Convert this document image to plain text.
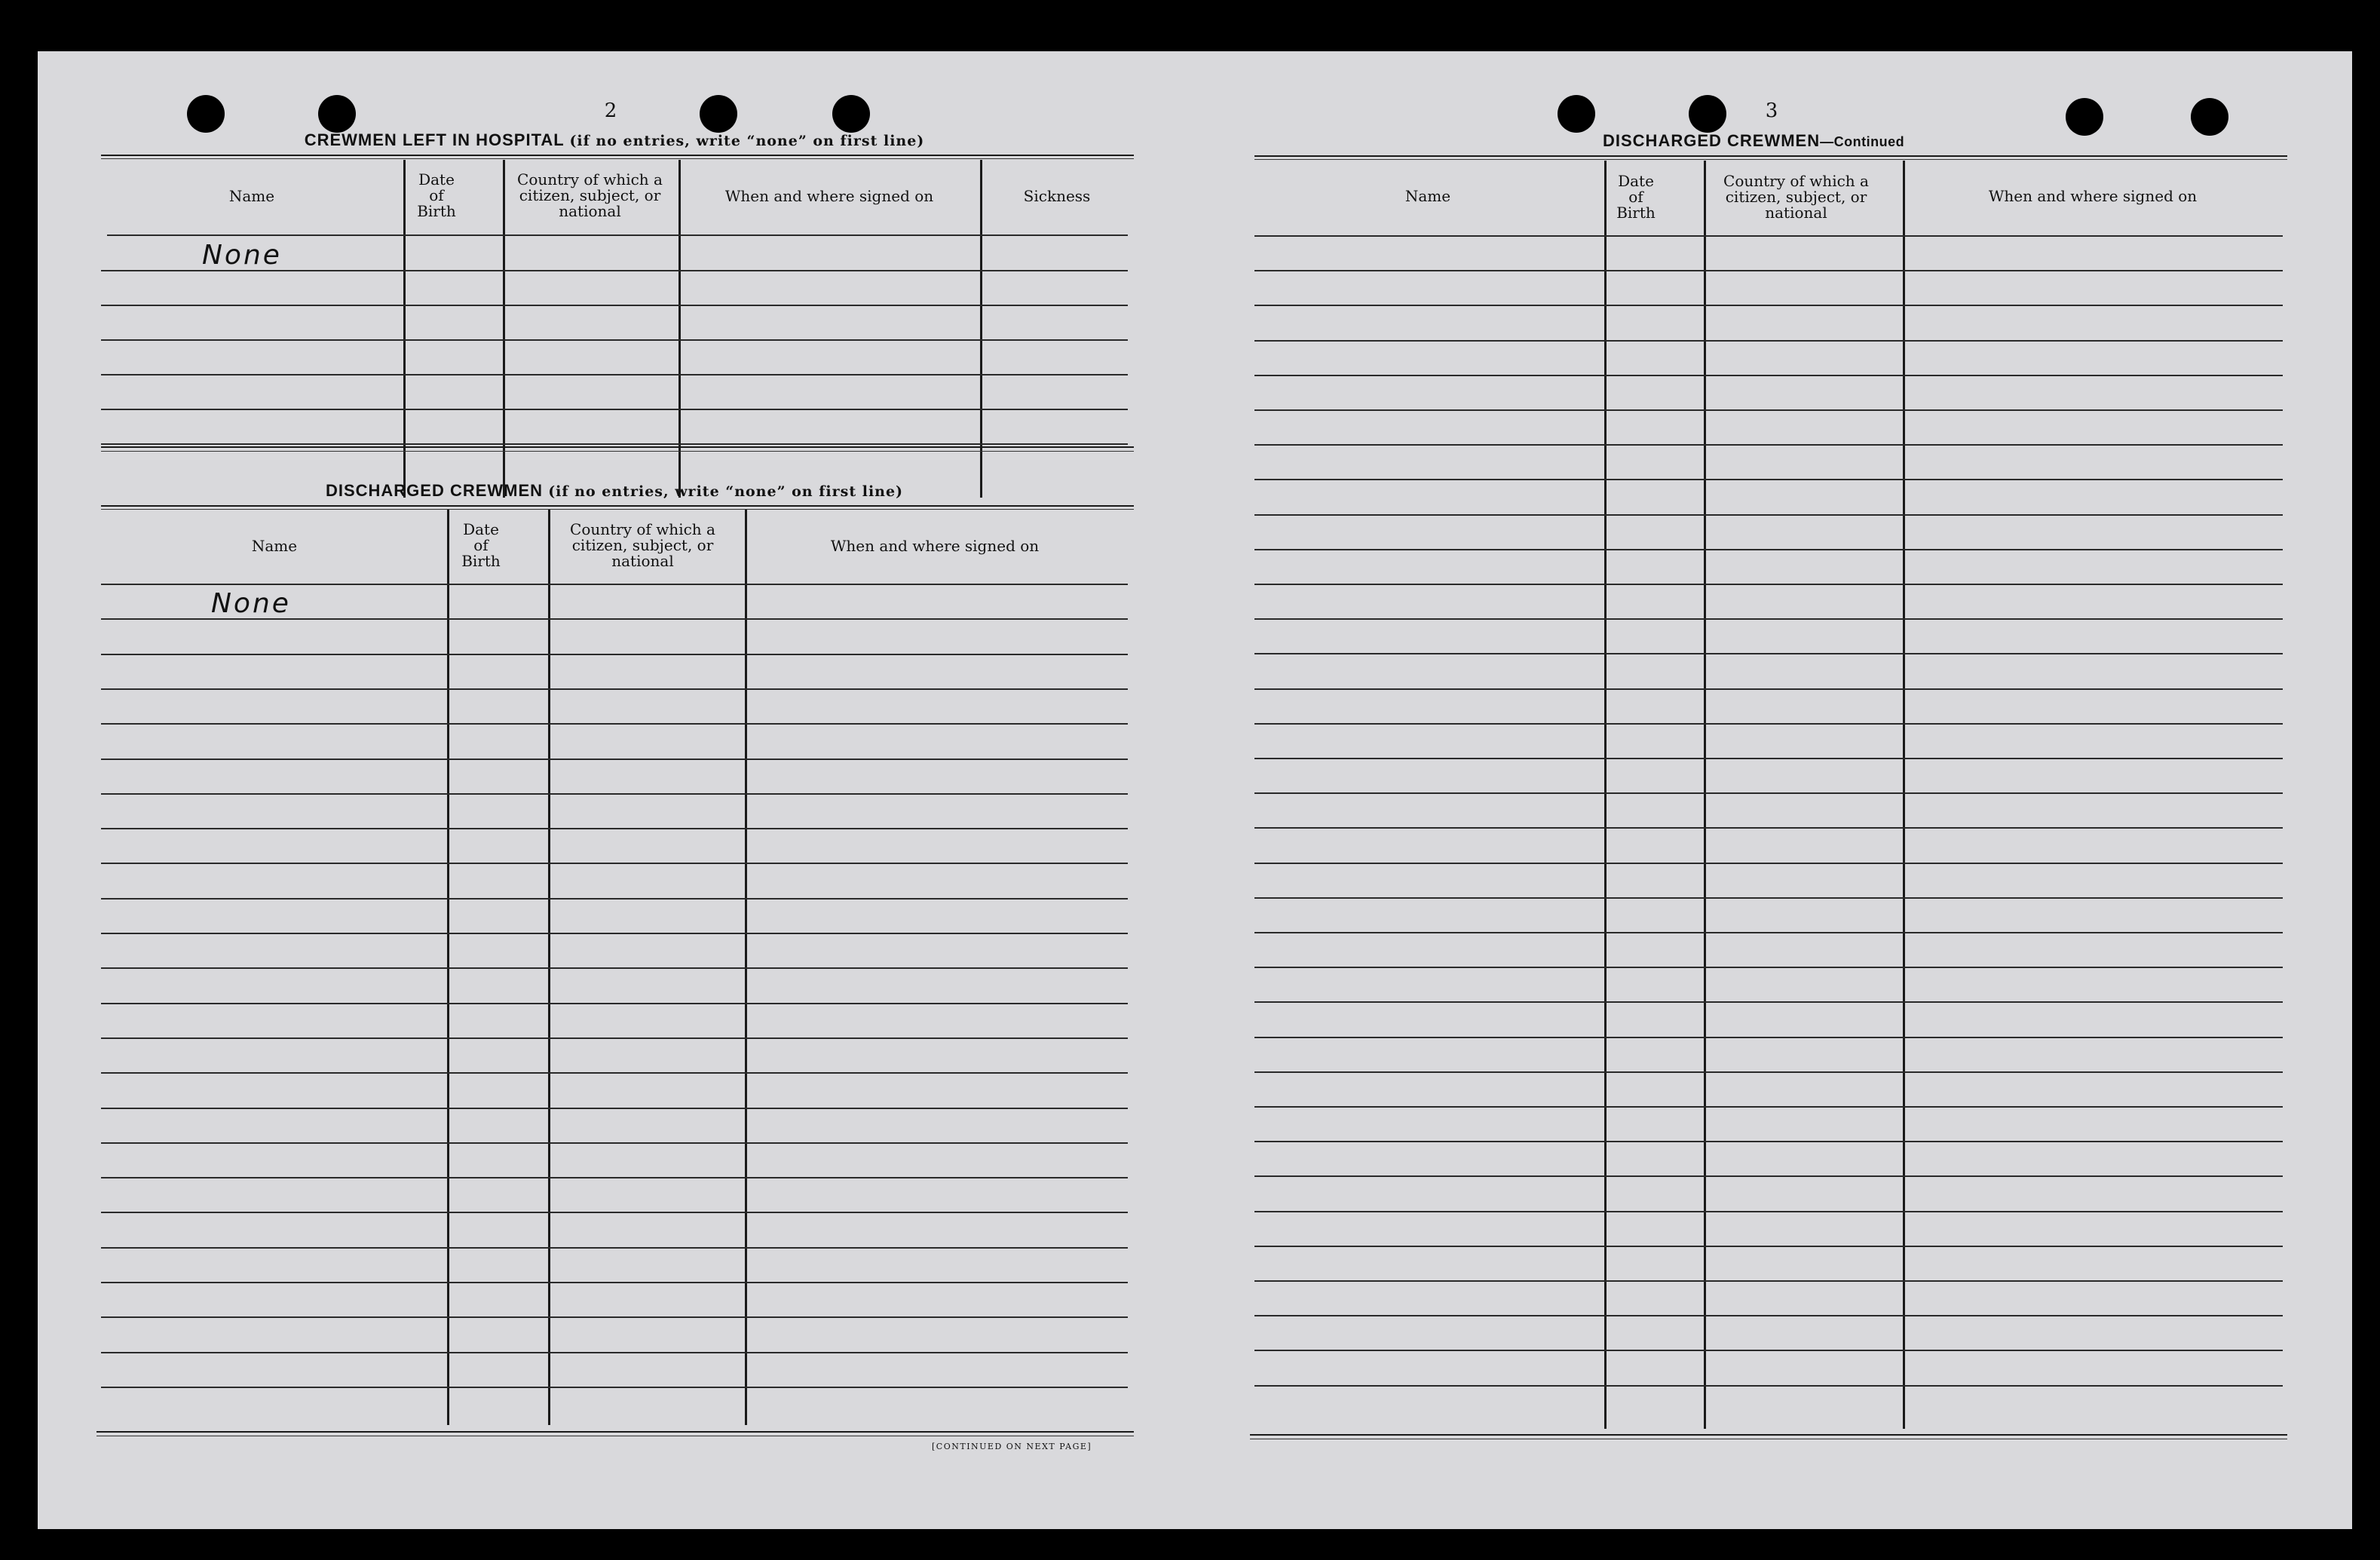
2
CREWMEN LEFT IN HOSPITAL (if no entries, write “none” on first line)
Name
Date of Birth
Country of which a citizen, subject, or national
When and where signed on	Sickness
None
DISCHARGED CREWMEN (if no entries, write “none” on first line)
Name
Date of Birth
Country of which a citizen, subject, or national
When and where signed on
None
[CONTINUED ON NEXT PAGE]
3
DISCHARGED CREWMEN—Continued
Name
Date of Birth
Country of which a citizen, subject, or national
When and where signed on
